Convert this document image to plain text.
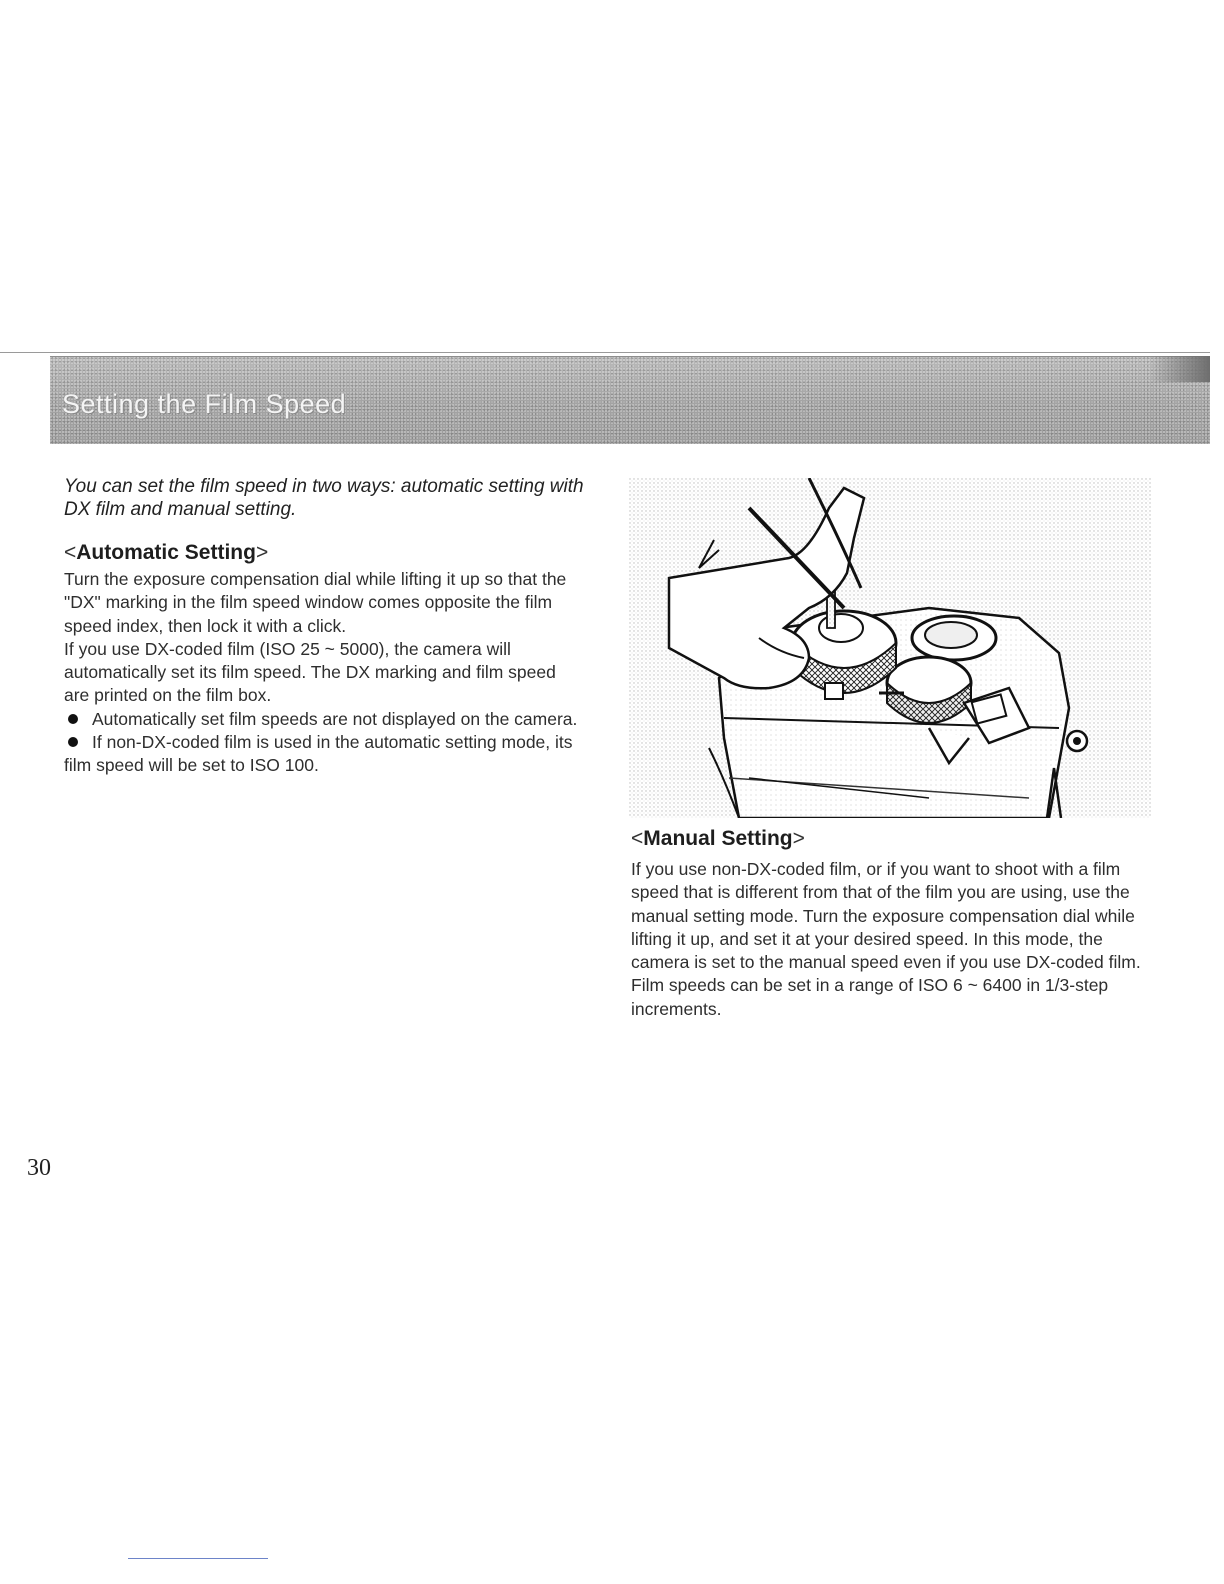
Setting the Film Speed
You can set the film speed in two ways: automatic setting with DX film and manual setting.
<Automatic Setting>

Turn the exposure compensation dial while lifting it up so that the "DX" marking in the film speed window comes opposite the film speed index, then lock it with a click.

If you use DX-coded film (ISO 25 ~ 5000), the camera will automatically set its film speed. The DX marking and film speed are printed on the film box.

Automatically set film speeds are not displayed on the camera.

If non-DX-coded film is used in the automatic setting mode, its film speed will be set to ISO 100.

<Manual Setting>

If you use non-DX-coded film, or if you want to shoot with a film speed that is different from that of the film you are using, use the manual setting mode. Turn the exposure compensation dial while lifting it up, and set it at your desired speed. In this mode, the camera is set to the manual speed even if you use DX-coded film.

Film speeds can be set in a range of ISO 6 ~ 6400 in 1/3-step increments.

30
